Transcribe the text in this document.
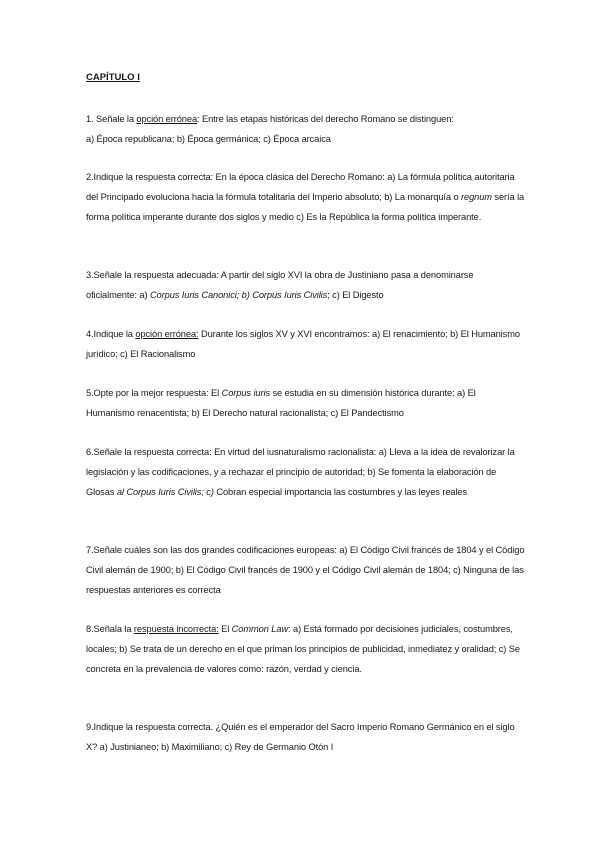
CAPÍTULO I

1. Señale la opción errónea: Entre las etapas históricas del derecho Romano se distinguen:
a) Época republicana; b) Época germánica; c) Época arcaica

2.Indique la respuesta correcta: En la época clásica del Derecho Romano: a) La fórmula política autoritaria del Principado evoluciona hacia la fórmula totalitaria del Imperio absoluto; b) La monarquía o regnum sería la forma política imperante durante dos siglos y medio c) Es la República la forma política imperante.

3.Señale la respuesta adecuada: A partir del siglo XVI la obra de Justiniano pasa a denominarse oficialmente: a) Corpus Iuris Canonici; b) Corpus Iuris Civilis; c) El Digesto

4.Indique la opción errónea: Durante los siglos XV y XVI encontramos: a) El renacimiento; b) El Humanismo jurídico; c) El Racionalismo

5.Opte por la mejor respuesta: El Corpus iuris se estudia en su dimensión histórica durante: a) El Humanismo renacentista; b) El Derecho natural racionalista; c) El Pandectismo

6.Señale la respuesta correcta: En virtud del iusnaturalismo racionalista: a) Lleva a la idea de revalorizar la legislación y las codificaciones, y a rechazar el principio de autoridad; b) Se fomenta la elaboración de Glosas al Corpus Iuris Civilis; c) Cobran especial importancia las costumbres y las leyes reales

7.Señale cuáles son las dos grandes codificaciones europeas: a) El Código Civil francés de 1804 y el Código Civil alemán de 1900; b) El Código Civil francés de 1900 y el Código Civil alemán de 1804; c) Ninguna de las respuestas anteriores es correcta

8.Señala la respuesta incorrecta: El Common Law: a) Está formado por decisiones judiciales, costumbres, locales; b) Se trata de un derecho en el que priman los principios de publicidad, inmediatez y oralidad; c) Se concreta en la prevalencia de valores como: razón, verdad y ciencia.

9.Indique la respuesta correcta. ¿Quién es el emperador del Sacro Imperio Romano Germánico en el siglo X? a) Justinianeo; b) Maximiliano; c) Rey de Germanio Otón I
